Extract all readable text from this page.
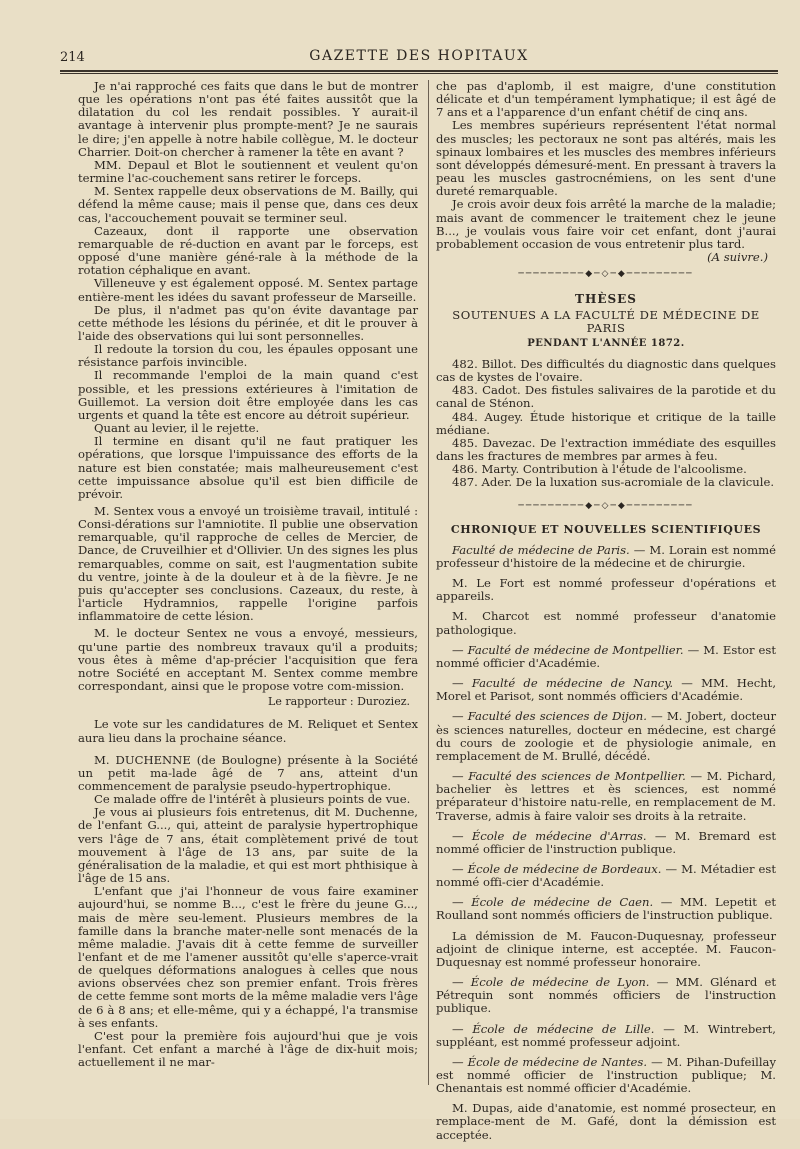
214	GAZETTE DES HOPITAUX

Je n'ai rapproché ces faits que dans le but de montrer que les opérations n'ont pas été faites aussitôt que la dilatation du col les rendait possibles. Y aurait-il avantage à intervenir plus prompte-ment? Je ne saurais le dire; j'en appelle à notre habile collègue, M. le docteur Charrier. Doit-on chercher à ramener la tête en avant ?

MM. Depaul et Blot le soutiennent et veulent qu'on termine l'ac-couchement sans retirer le forceps.

M. Sentex rappelle deux observations de M. Bailly, qui défend la même cause; mais il pense que, dans ces deux cas, l'accouchement pouvait se terminer seul.

Cazeaux, dont il rapporte une observation remarquable de ré-duction en avant par le forceps, est opposé d'une manière géné-rale à la méthode de la rotation céphalique en avant.

Villeneuve y est également opposé. M. Sentex partage entière-ment les idées du savant professeur de Marseille.

De plus, il n'admet pas qu'on évite davantage par cette méthode les lésions du périnée, et dit le prouver à l'aide des observations qui lui sont personnelles.

Il redoute la torsion du cou, les épaules opposant une résistance parfois invincible.

Il recommande l'emploi de la main quand c'est possible, et les pressions extérieures à l'imitation de Guillemot. La version doit être employée dans les cas urgents et quand la tête est encore au détroit supérieur.

Quant au levier, il le rejette.

Il termine en disant qu'il ne faut pratiquer les opérations, que lorsque l'impuissance des efforts de la nature est bien constatée; mais malheureusement c'est cette impuissance absolue qu'il est bien difficile de prévoir.

M. Sentex vous a envoyé un troisième travail, intitulé : Consi-dérations sur l'amniotite. Il publie une observation remarquable, qu'il rapproche de celles de Mercier, de Dance, de Cruveilhier et d'Ollivier. Un des signes les plus remarquables, comme on sait, est l'augmentation subite du ventre, jointe à de la douleur et à de la fièvre. Je ne puis qu'accepter ses conclusions. Cazeaux, du reste, à l'article Hydramnios, rappelle l'origine parfois inflammatoire de cette lésion.

M. le docteur Sentex ne vous a envoyé, messieurs, qu'une partie des nombreux travaux qu'il a produits; vous êtes à même d'ap-précier l'acquisition que fera notre Société en acceptant M. Sentex comme membre correspondant, ainsi que le propose votre com-mission.

Le rapporteur : Duroziez.

Le vote sur les candidatures de M. Reliquet et Sentex aura lieu dans la prochaine séance.

M. DUCHENNE (de Boulogne) présente à la Société un petit ma-lade âgé de 7 ans, atteint d'un commencement de paralysie pseudo-hypertrophique.

Ce malade offre de l'intérêt à plusieurs points de vue.

Je vous ai plusieurs fois entretenus, dit M. Duchenne, de l'enfant G..., qui, atteint de paralysie hypertrophique vers l'âge de 7 ans, était complètement privé de tout mouvement à l'âge de 13 ans, par suite de la généralisation de la maladie, et qui est mort phthisique à l'âge de 15 ans.

L'enfant que j'ai l'honneur de vous faire examiner aujourd'hui, se nomme B..., c'est le frère du jeune G..., mais de mère seu-lement. Plusieurs membres de la famille dans la branche mater-nelle sont menacés de la même maladie. J'avais dit à cette femme de surveiller l'enfant et de me l'amener aussitôt qu'elle s'aperce-vrait de quelques déformations analogues à celles que nous avions observées chez son premier enfant. Trois frères de cette femme sont morts de la même maladie vers l'âge de 6 à 8 ans; et elle-même, qui y a échappé, l'a transmise à ses enfants.

C'est pour la première fois aujourd'hui que je vois l'enfant. Cet enfant a marché à l'âge de dix-huit mois; actuellement il ne mar-

che pas d'aplomb, il est maigre, d'une constitution délicate et d'un tempérament lymphatique; il est âgé de 7 ans et a l'apparence d'un enfant chétif de cinq ans.

Les membres supérieurs représentent l'état normal des muscles; les pectoraux ne sont pas altérés, mais les spinaux lombaires et les muscles des membres inférieurs sont développés démesuré-ment. En pressant à travers la peau les muscles gastrocnémiens, on les sent d'une dureté remarquable.

Je crois avoir deux fois arrêté la marche de la maladie; mais avant de commencer le traitement chez le jeune B..., je voulais vous faire voir cet enfant, dont j'aurai probablement occasion de vous entretenir plus tard.

(A suivre.)
─────────◆─◇─◆─────────
THÈSES
SOUTENUES A LA FACULTÉ DE MÉDECINE DE PARIS
PENDANT L'ANNÉE 1872.

482. Billot. Des difficultés du diagnostic dans quelques cas de kystes de l'ovaire.

483. Cadot. Des fistules salivaires de la parotide et du canal de Sténon.

484. Augey. Étude historique et critique de la taille médiane.

485. Davezac. De l'extraction immédiate des esquilles dans les fractures de membres par armes à feu.

486. Marty. Contribution à l'étude de l'alcoolisme.

487. Ader. De la luxation sus-acromiale de la clavicule.

─────────◆─◇─◆─────────
CHRONIQUE ET NOUVELLES SCIENTIFIQUES

Faculté de médecine de Paris. — M. Lorain est nommé professeur d'histoire de la médecine et de chirurgie.

M. Le Fort est nommé professeur d'opérations et appareils.

M. Charcot est nommé professeur d'anatomie pathologique.

— Faculté de médecine de Montpellier. — M. Estor est nommé officier d'Académie.

— Faculté de médecine de Nancy. — MM. Hecht, Morel et Parisot, sont nommés officiers d'Académie.

— Faculté des sciences de Dijon. — M. Jobert, docteur ès sciences naturelles, docteur en médecine, est chargé du cours de zoologie et de physiologie animale, en remplacement de M. Brullé, décédé.

— Faculté des sciences de Montpellier. — M. Pichard, bachelier ès lettres et ès sciences, est nommé préparateur d'histoire natu-relle, en remplacement de M. Traverse, admis à faire valoir ses droits à la retraite.

— École de médecine d'Arras. — M. Bremard est nommé officier de l'instruction publique.

— École de médecine de Bordeaux. — M. Métadier est nommé offi-cier d'Académie.

— École de médecine de Caen. — MM. Lepetit et Roulland sont nommés officiers de l'instruction publique.

La démission de M. Faucon-Duquesnay, professeur adjoint de clinique interne, est acceptée. M. Faucon-Duquesnay est nommé professeur honoraire.

— École de médecine de Lyon. — MM. Glénard et Pétrequin sont nommés officiers de l'instruction publique.

— École de médecine de Lille. — M. Wintrebert, suppléant, est nommé professeur adjoint.

— École de médecine de Nantes. — M. Pihan-Dufeillay est nommé officier de l'instruction publique; M. Chenantais est nommé officier d'Académie.

M. Dupas, aide d'anatomie, est nommé prosecteur, en remplace-ment de M. Gafé, dont la démission est acceptée.
